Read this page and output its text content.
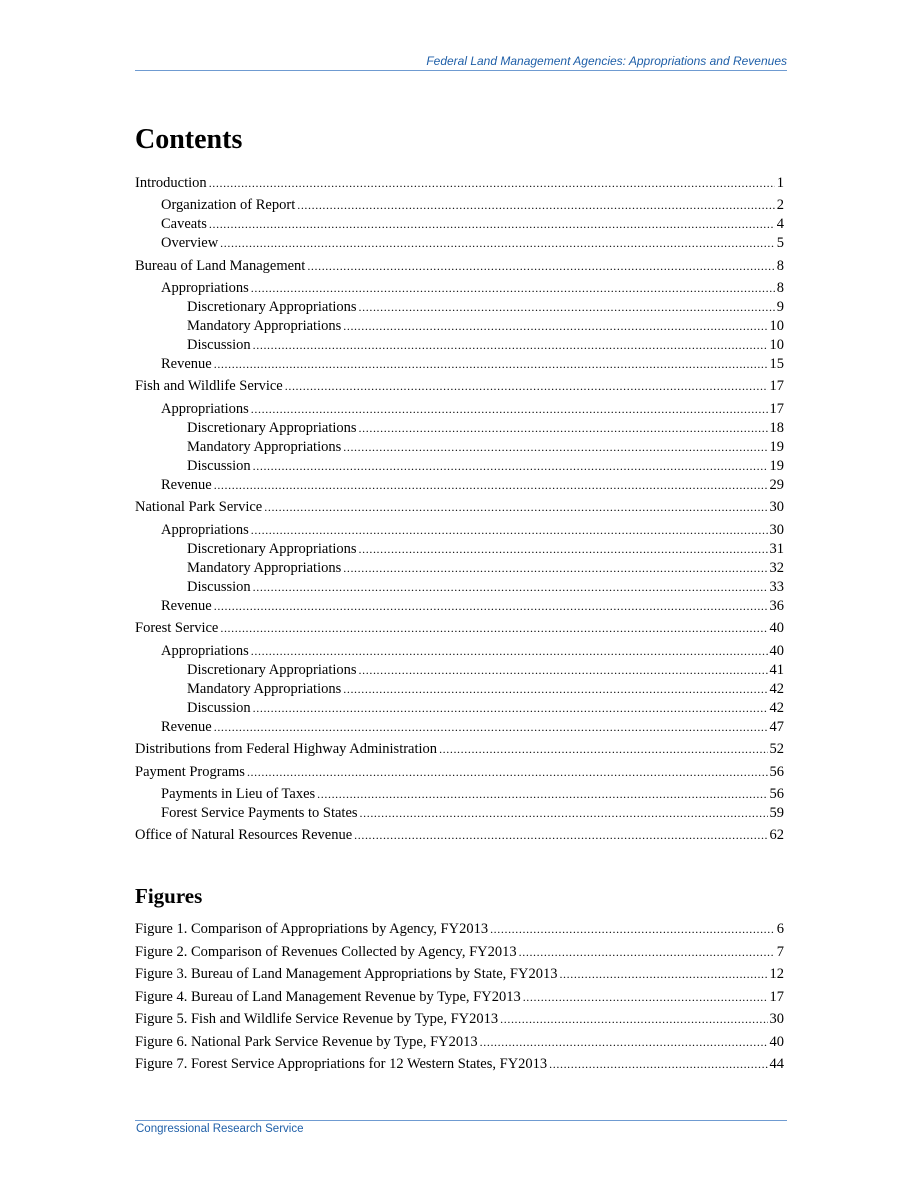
Federal Land Management Agencies: Appropriations and Revenues
Contents
Introduction .....	1
Organization of Report .....	2
Caveats .....	4
Overview .....	5
Bureau of Land Management .....	8
Appropriations .....	8
Discretionary Appropriations .....	9
Mandatory Appropriations .....	10
Discussion .....	10
Revenue .....	15
Fish and Wildlife Service .....	17
Appropriations .....	17
Discretionary Appropriations .....	18
Mandatory Appropriations .....	19
Discussion .....	19
Revenue .....	29
National Park Service .....	30
Appropriations .....	30
Discretionary Appropriations .....	31
Mandatory Appropriations .....	32
Discussion .....	33
Revenue .....	36
Forest Service .....	40
Appropriations .....	40
Discretionary Appropriations .....	41
Mandatory Appropriations .....	42
Discussion .....	42
Revenue .....	47
Distributions from Federal Highway Administration .....	52
Payment Programs .....	56
Payments in Lieu of Taxes .....	56
Forest Service Payments to States .....	59
Office of Natural Resources Revenue .....	62
Figures
Figure 1. Comparison of Appropriations by Agency, FY2013 .....	6
Figure 2. Comparison of Revenues Collected by Agency, FY2013 .....	7
Figure 3. Bureau of Land Management Appropriations by State, FY2013 .....	12
Figure 4. Bureau of Land Management Revenue by Type, FY2013 .....	17
Figure 5. Fish and Wildlife Service Revenue by Type, FY2013 .....	30
Figure 6. National Park Service Revenue by Type, FY2013 .....	40
Figure 7. Forest Service Appropriations for 12 Western States, FY2013 .....	44
Congressional Research Service
